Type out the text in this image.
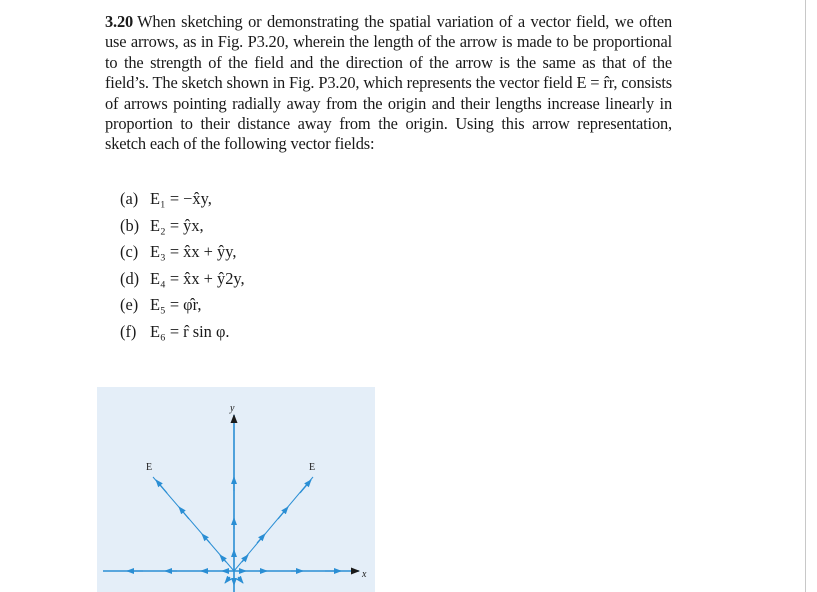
3.20 When sketching or demonstrating the spatial variation of a vector field, we often use arrows, as in Fig. P3.20, wherein the length of the arrow is made to be proportional to the strength of the field and the direction of the arrow is the same as that of the field’s. The sketch shown in Fig. P3.20, which represents the vector field E = r̂r, consists of arrows pointing radially away from the origin and their lengths increase linearly in proportion to their distance away from the origin. Using this arrow representation, sketch each of the following vector fields:
(a) E₁ = −x̂y,
(b) E₂ = ŷx,
(c) E₃ = x̂x + ŷy,
(d) E₄ = x̂x + ŷ2y,
(e) E₅ = φ̂r,
(f) E₆ = r̂ sin φ.
y
x
E	E
